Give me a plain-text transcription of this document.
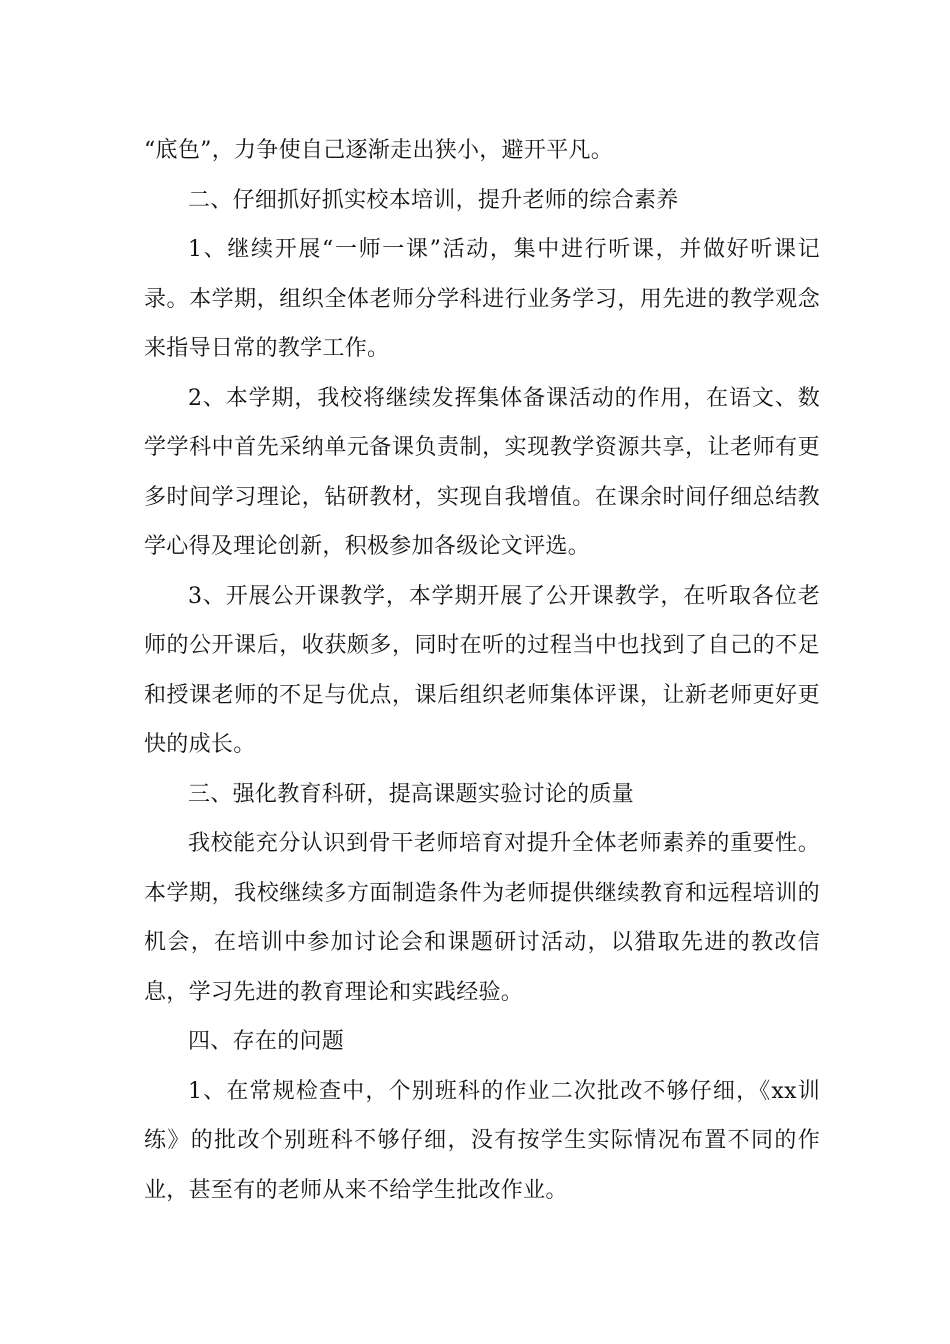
“底色”，力争使自己逐渐走出狭小，避开平凡。

二、仔细抓好抓实校本培训，提升老师的综合素养

1、继续开展“一师一课”活动，集中进行听课，并做好听课记录。本学期，组织全体老师分学科进行业务学习，用先进的教学观念来指导日常的教学工作。

2、本学期，我校将继续发挥集体备课活动的作用，在语文、数学学科中首先采纳单元备课负责制，实现教学资源共享，让老师有更多时间学习理论，钻研教材，实现自我增值。在课余时间仔细总结教学心得及理论创新，积极参加各级论文评选。

3、开展公开课教学，本学期开展了公开课教学，在听取各位老师的公开课后，收获颇多，同时在听的过程当中也找到了自己的不足和授课老师的不足与优点，课后组织老师集体评课，让新老师更好更快的成长。

三、强化教育科研，提高课题实验讨论的质量

我校能充分认识到骨干老师培育对提升全体老师素养的重要性。本学期，我校继续多方面制造条件为老师提供继续教育和远程培训的机会，在培训中参加讨论会和课题研讨活动，以猎取先进的教改信息，学习先进的教育理论和实践经验。

四、存在的问题

1、在常规检查中，个别班科的作业二次批改不够仔细，《xx训练》的批改个别班科不够仔细，没有按学生实际情况布置不同的作业，甚至有的老师从来不给学生批改作业。
